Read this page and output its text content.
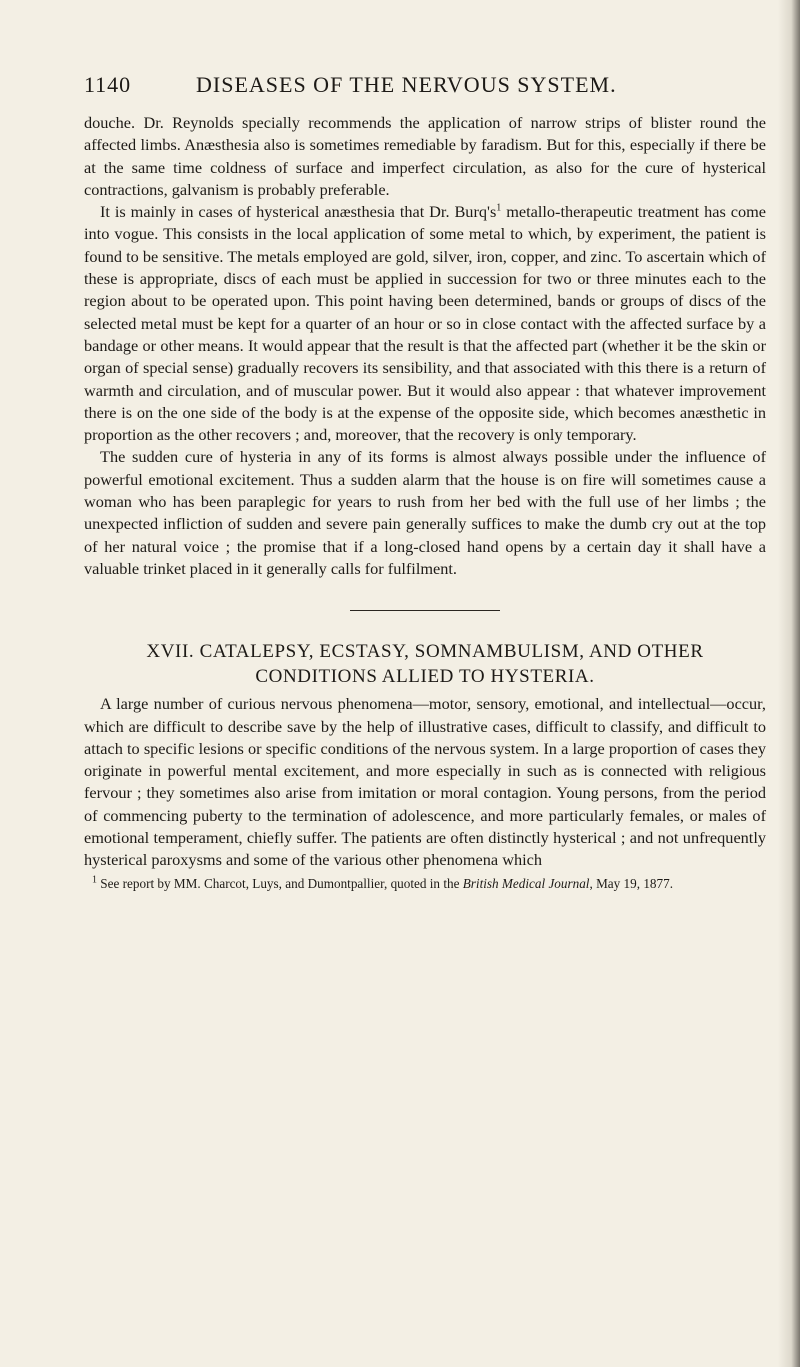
1140	DISEASES OF THE NERVOUS SYSTEM.

douche. Dr. Reynolds specially recommends the application of narrow strips of blister round the affected limbs. Anæsthesia also is sometimes remediable by faradism. But for this, especially if there be at the same time coldness of surface and imperfect circulation, as also for the cure of hysterical contractions, galvanism is probably preferable.

It is mainly in cases of hysterical anæsthesia that Dr. $Burq's^1$ metallo-therapeutic treatment has come into vogue. This consists in the local application of some metal to which, by experiment, the patient is found to be sensitive. The metals employed are gold, silver, iron, copper, and zinc. To ascertain which of these is appropriate, discs of each must be applied in succession for two or three minutes each to the region about to be operated upon. This point having been determined, bands or groups of discs of the selected metal must be kept for a quarter of an hour or so in close contact with the affected surface by a bandage or other means. It would appear that the result is that the affected part (whether it be the skin or organ of special sense) gradually recovers its sensibility, and that associated with this there is a return of warmth and circulation, and of muscular power. But it would also appear : that whatever improvement there is on the one side of the body is at the expense of the opposite side, which becomes anæsthetic in proportion as the other recovers ; and, moreover, that the recovery is only temporary.

The sudden cure of hysteria in any of its forms is almost always possible under the influence of powerful emotional excitement. Thus a sudden alarm that the house is on fire will sometimes cause a woman who has been paraplegic for years to rush from her bed with the full use of her limbs ; the unexpected infliction of sudden and severe pain generally suffices to make the dumb cry out at the top of her natural voice ; the promise that if a long-closed hand opens by a certain day it shall have a valuable trinket placed in it generally calls for fulfilment.

XVII. CATALEPSY, ECSTASY, SOMNAMBULISM, AND OTHER
CONDITIONS ALLIED TO HYSTERIA.

A large number of curious nervous phenomena—motor, sensory, emotional, and intellectual—occur, which are difficult to describe save by the help of illustrative cases, difficult to classify, and difficult to attach to specific lesions or specific conditions of the nervous system. In a large proportion of cases they originate in powerful mental excitement, and more especially in such as is connected with religious fervour ; they sometimes also arise from imitation or moral contagion. Young persons, from the period of commencing puberty to the termination of adolescence, and more particularly females, or males of emotional temperament, chiefly suffer. The patients are often distinctly hysterical ; and not unfrequently hysterical paroxysms and some of the various other phenomena which

$^1$ See report by MM. Charcot, Luys, and Dumontpallier, quoted in the British Medical Journal, May 19, 1877.
